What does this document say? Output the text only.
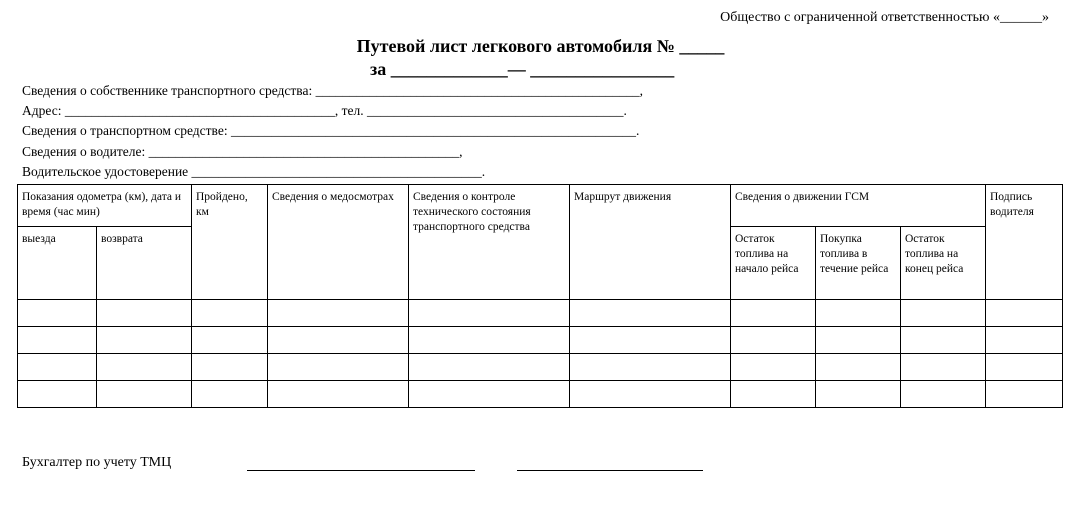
Общество с ограниченной ответственностью «______»
Путевой лист легкового автомобиля № _____
за _____________— ________________
Сведения о собственнике транспортного средства: ________________________________________________,
Адрес: ________________________________________, тел. ______________________________________.
Сведения о транспортном средстве: ____________________________________________________________.
Сведения о водителе: ______________________________________________,
Водительское удостоверение ___________________________________________.
Показания одометра (км), дата и время (час мин)		Пройдено, км	Сведения о медосмотрах	Сведения о контроле технического состояния транспортного средства	Маршрут движения	Сведения о движении ГСМ			Подпись водителя
выезда	возврата					Остаток топлива на начало рейса	Покупка топлива в течение рейса	Остаток топлива на конец рейса	

Бухгалтер по учету ТМЦ
